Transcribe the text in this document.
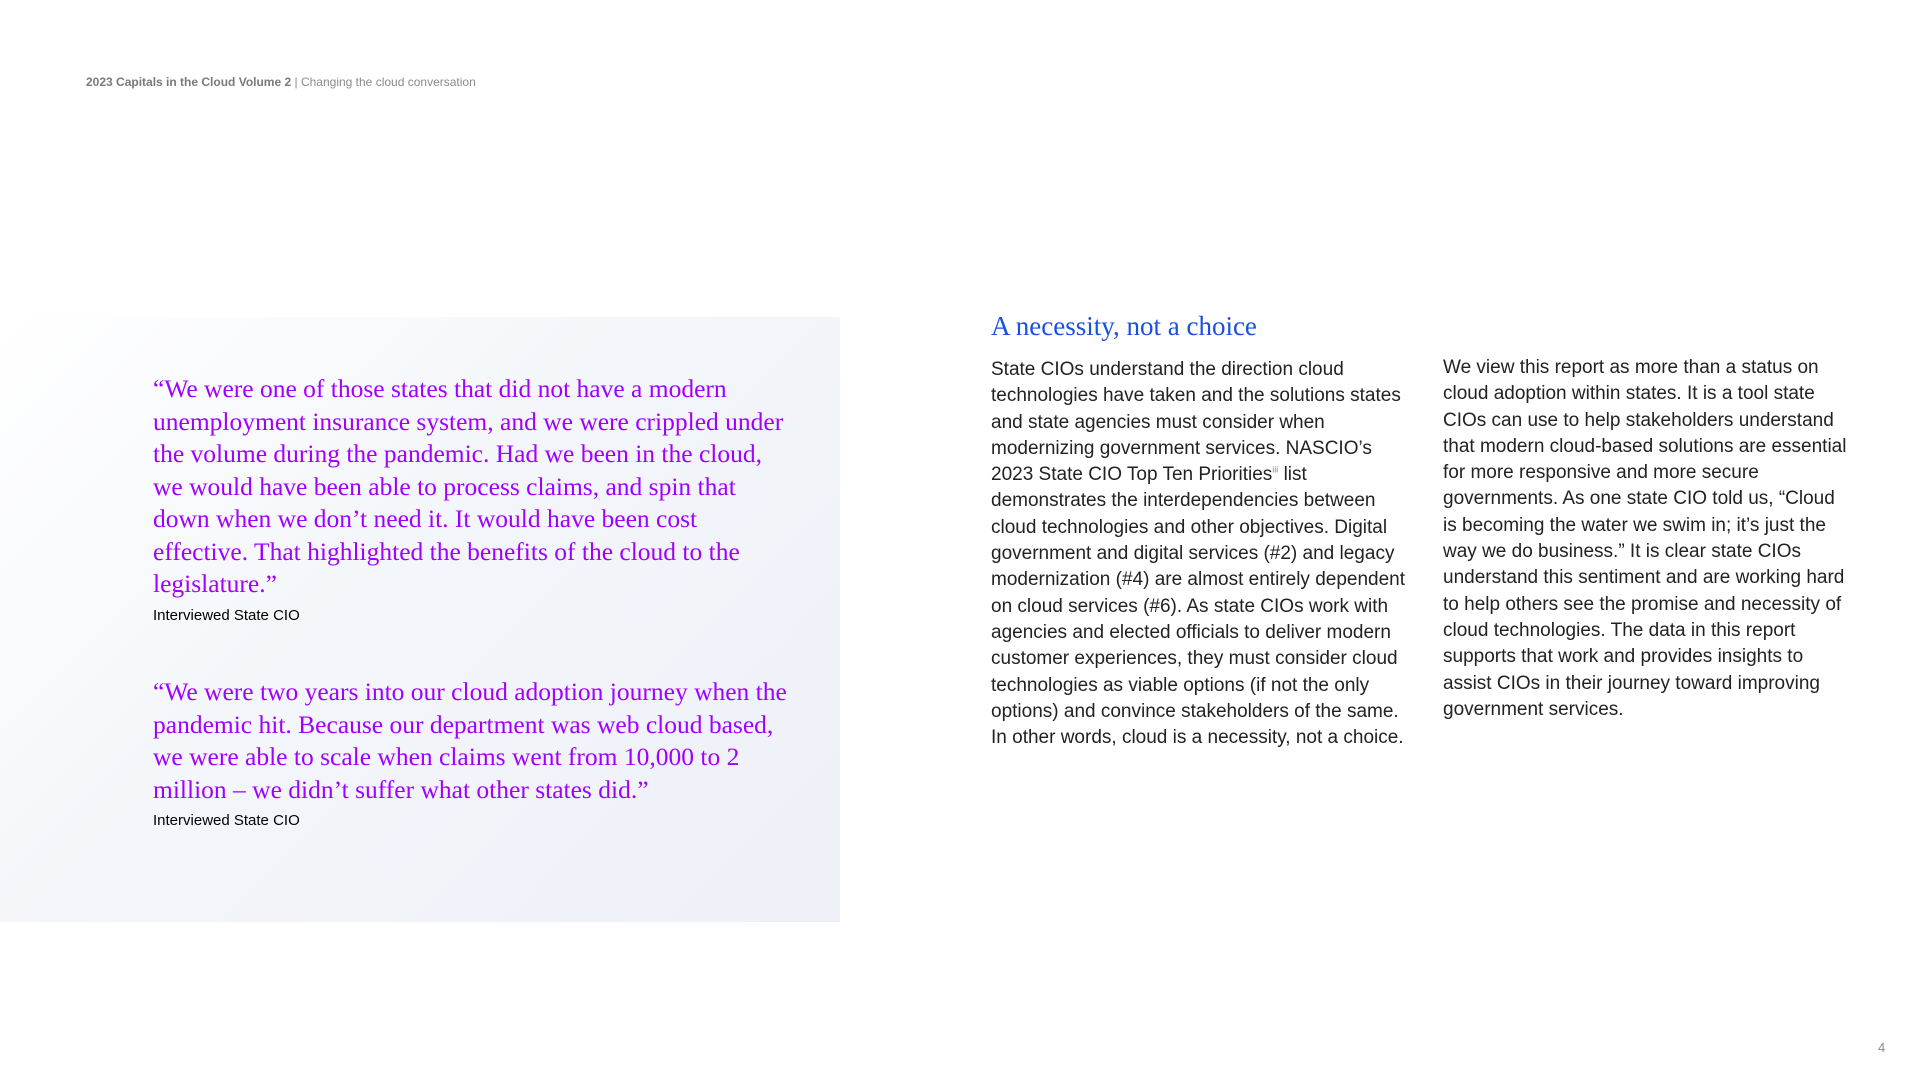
2023 Capitals in the Cloud Volume 2 | Changing the cloud conversation

“We were one of those states that did not have a modern unemployment insurance system, and we were crippled under the volume during the pandemic. Had we been in the cloud, we would have been able to process claims, and spin that down when we don’t need it. It would have been cost effective. That highlighted the benefits of the cloud to the legislature.”

Interviewed State CIO

“We were two years into our cloud adoption journey when the pandemic hit. Because our department was web cloud based, we were able to scale when claims went from 10,000 to 2 million – we didn’t suffer what other states did.”

Interviewed State CIO
A necessity, not a choice

State CIOs understand the direction cloud technologies have taken and the solutions states and state agencies must consider when modernizing government services. NASCIO’s 2023 State CIO Top Ten Priorities$^{iii}$ list demonstrates the interdependencies between cloud technologies and other objectives. Digital government and digital services (#2) and legacy modernization (#4) are almost entirely dependent on cloud services (#6). As state CIOs work with agencies and elected officials to deliver modern customer experiences, they must consider cloud technologies as viable options (if not the only options) and convince stakeholders of the same. In other words, cloud is a necessity, not a choice.

We view this report as more than a status on cloud adoption within states. It is a tool state CIOs can use to help stakeholders understand that modern cloud-based solutions are essential for more responsive and more secure governments. As one state CIO told us, “Cloud is becoming the water we swim in; it’s just the way we do business.” It is clear state CIOs understand this sentiment and are working hard to help others see the promise and necessity of cloud technologies. The data in this report supports that work and provides insights to assist CIOs in their journey toward improving government services.

4
